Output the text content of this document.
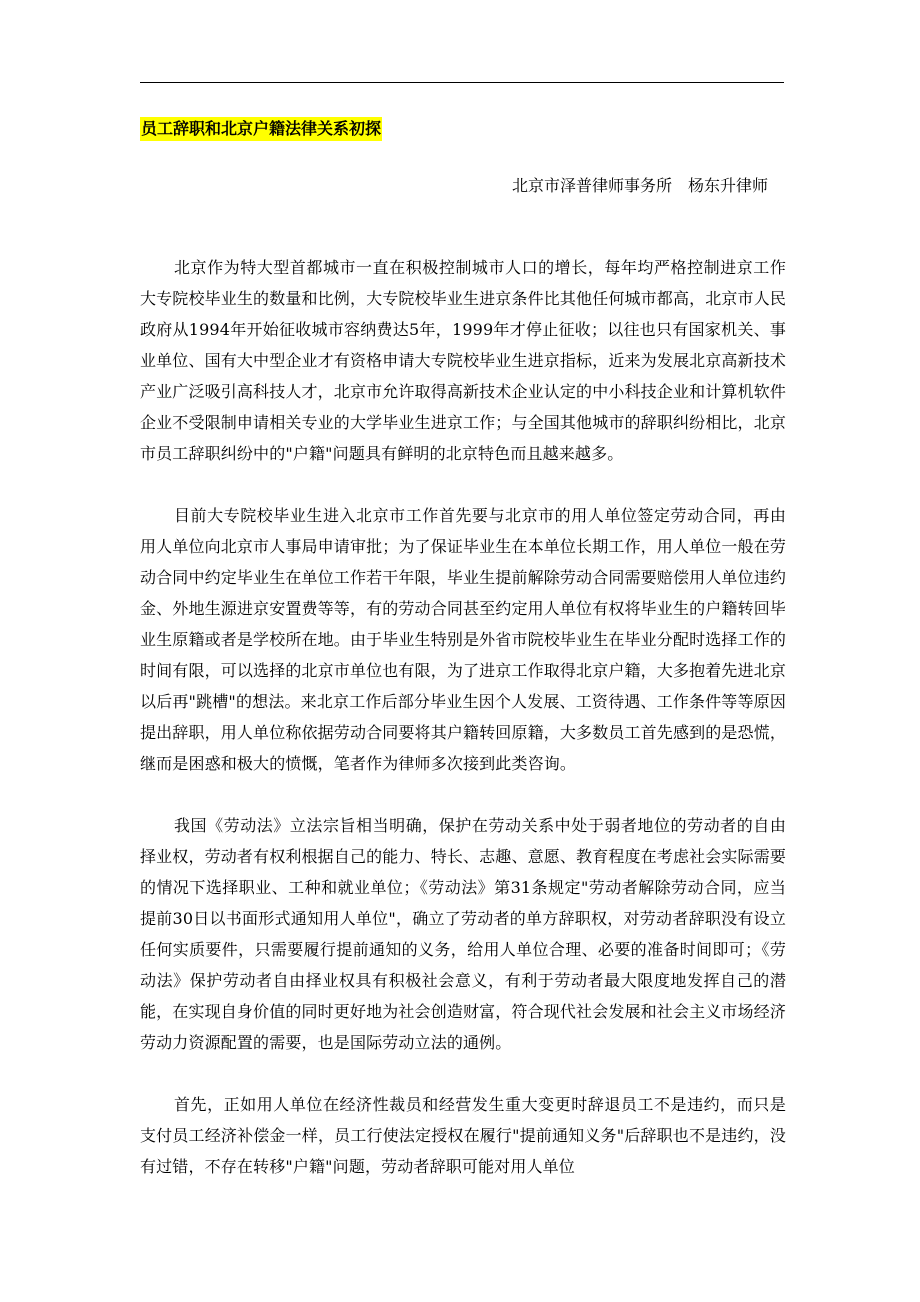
员工辞职和北京户籍法律关系初探

北京市泽普律师事务所　杨东升律师

北京作为特大型首都城市一直在积极控制城市人口的增长，每年均严格控制进京工作大专院校毕业生的数量和比例，大专院校毕业生进京条件比其他任何城市都高，北京市人民政府从1994年开始征收城市容纳费达5年，1999年才停止征收；以往也只有国家机关、事业单位、国有大中型企业才有资格申请大专院校毕业生进京指标，近来为发展北京高新技术产业广泛吸引高科技人才，北京市允许取得高新技术企业认定的中小科技企业和计算机软件企业不受限制申请相关专业的大学毕业生进京工作；与全国其他城市的辞职纠纷相比，北京市员工辞职纠纷中的"户籍"问题具有鲜明的北京特色而且越来越多。

目前大专院校毕业生进入北京市工作首先要与北京市的用人单位签定劳动合同，再由用人单位向北京市人事局申请审批；为了保证毕业生在本单位长期工作，用人单位一般在劳动合同中约定毕业生在单位工作若干年限，毕业生提前解除劳动合同需要赔偿用人单位违约金、外地生源进京安置费等等，有的劳动合同甚至约定用人单位有权将毕业生的户籍转回毕业生原籍或者是学校所在地。由于毕业生特别是外省市院校毕业生在毕业分配时选择工作的时间有限，可以选择的北京市单位也有限，为了进京工作取得北京户籍，大多抱着先进北京以后再"跳槽"的想法。来北京工作后部分毕业生因个人发展、工资待遇、工作条件等等原因提出辞职，用人单位称依据劳动合同要将其户籍转回原籍，大多数员工首先感到的是恐慌，继而是困惑和极大的愤慨，笔者作为律师多次接到此类咨询。

我国《劳动法》立法宗旨相当明确，保护在劳动关系中处于弱者地位的劳动者的自由择业权，劳动者有权利根据自己的能力、特长、志趣、意愿、教育程度在考虑社会实际需要的情况下选择职业、工种和就业单位；《劳动法》第31条规定"劳动者解除劳动合同，应当提前30日以书面形式通知用人单位"，确立了劳动者的单方辞职权，对劳动者辞职没有设立任何实质要件，只需要履行提前通知的义务，给用人单位合理、必要的准备时间即可；《劳动法》保护劳动者自由择业权具有积极社会意义，有利于劳动者最大限度地发挥自己的潜能，在实现自身价值的同时更好地为社会创造财富，符合现代社会发展和社会主义市场经济劳动力资源配置的需要，也是国际劳动立法的通例。

首先，正如用人单位在经济性裁员和经营发生重大变更时辞退员工不是违约，而只是支付员工经济补偿金一样，员工行使法定授权在履行"提前通知义务"后辞职也不是违约，没有过错，不存在转移"户籍"问题，劳动者辞职可能对用人单位
